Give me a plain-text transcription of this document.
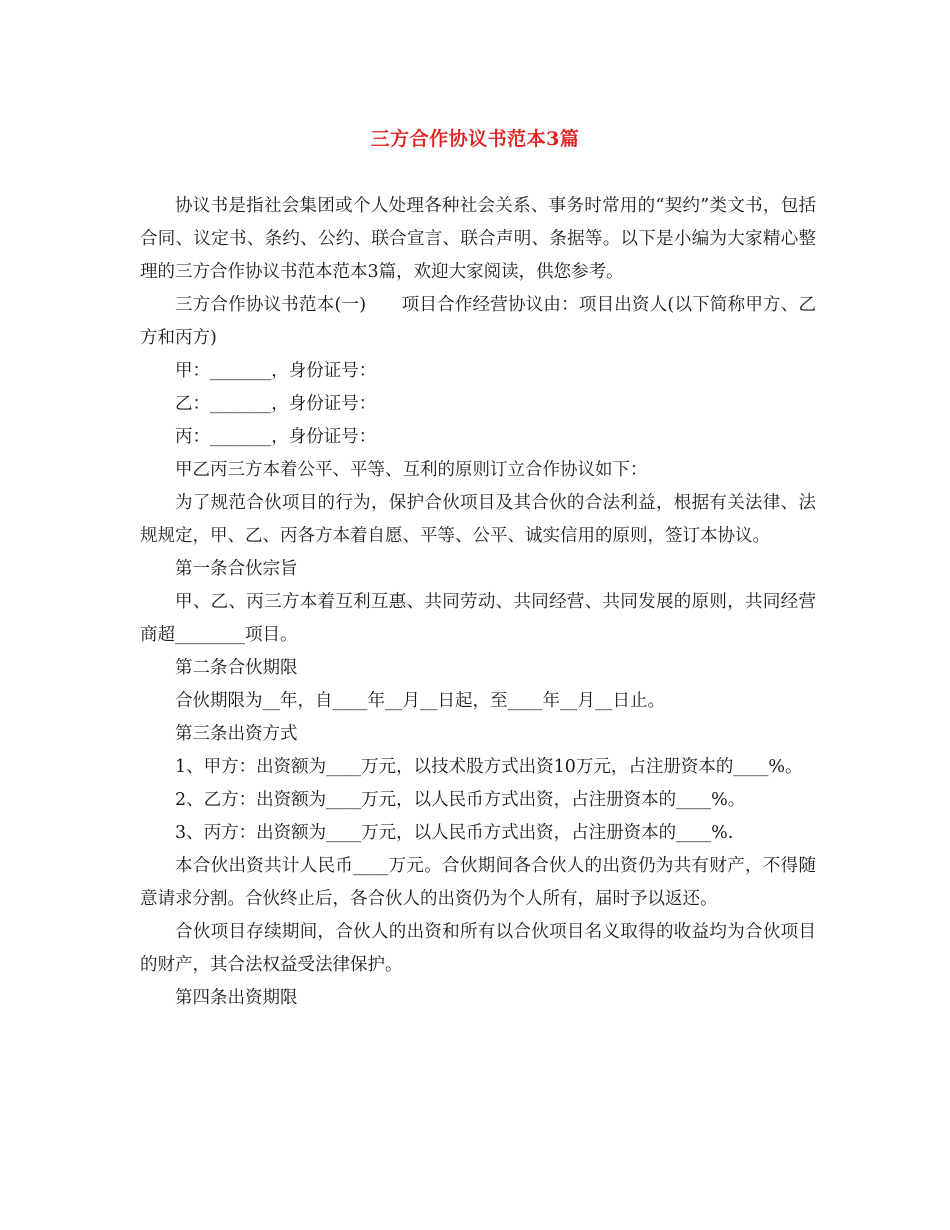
三方合作协议书范本3篇

协议书是指社会集团或个人处理各种社会关系、事务时常用的“契约”类文书，包括合同、议定书、条约、公约、联合宣言、联合声明、条据等。以下是小编为大家精心整理的三方合作协议书范本范本3篇，欢迎大家阅读，供您参考。

三方合作协议书范本(一)　　项目合作经营协议由：项目出资人(以下简称甲方、乙方和丙方)

甲：_______，身份证号：

乙：_______，身份证号：

丙：_______，身份证号：

甲乙丙三方本着公平、平等、互利的原则订立合作协议如下：

为了规范合伙项目的行为，保护合伙项目及其合伙的合法利益，根据有关法律、法规规定，甲、乙、丙各方本着自愿、平等、公平、诚实信用的原则，签订本协议。

第一条合伙宗旨

甲、乙、丙三方本着互利互惠、共同劳动、共同经营、共同发展的原则，共同经营商超________项目。

第二条合伙期限

合伙期限为__年，自____年__月__日起，至____年__月__日止。

第三条出资方式

1、甲方：出资额为____万元，以技术股方式出资10万元，占注册资本的____%。

2、乙方：出资额为____万元，以人民币方式出资，占注册资本的____%。

3、丙方：出资额为____万元，以人民币方式出资，占注册资本的____%.

本合伙出资共计人民币____万元。合伙期间各合伙人的出资仍为共有财产，不得随意请求分割。合伙终止后，各合伙人的出资仍为个人所有，届时予以返还。

合伙项目存续期间，合伙人的出资和所有以合伙项目名义取得的收益均为合伙项目的财产，其合法权益受法律保护。

第四条出资期限
